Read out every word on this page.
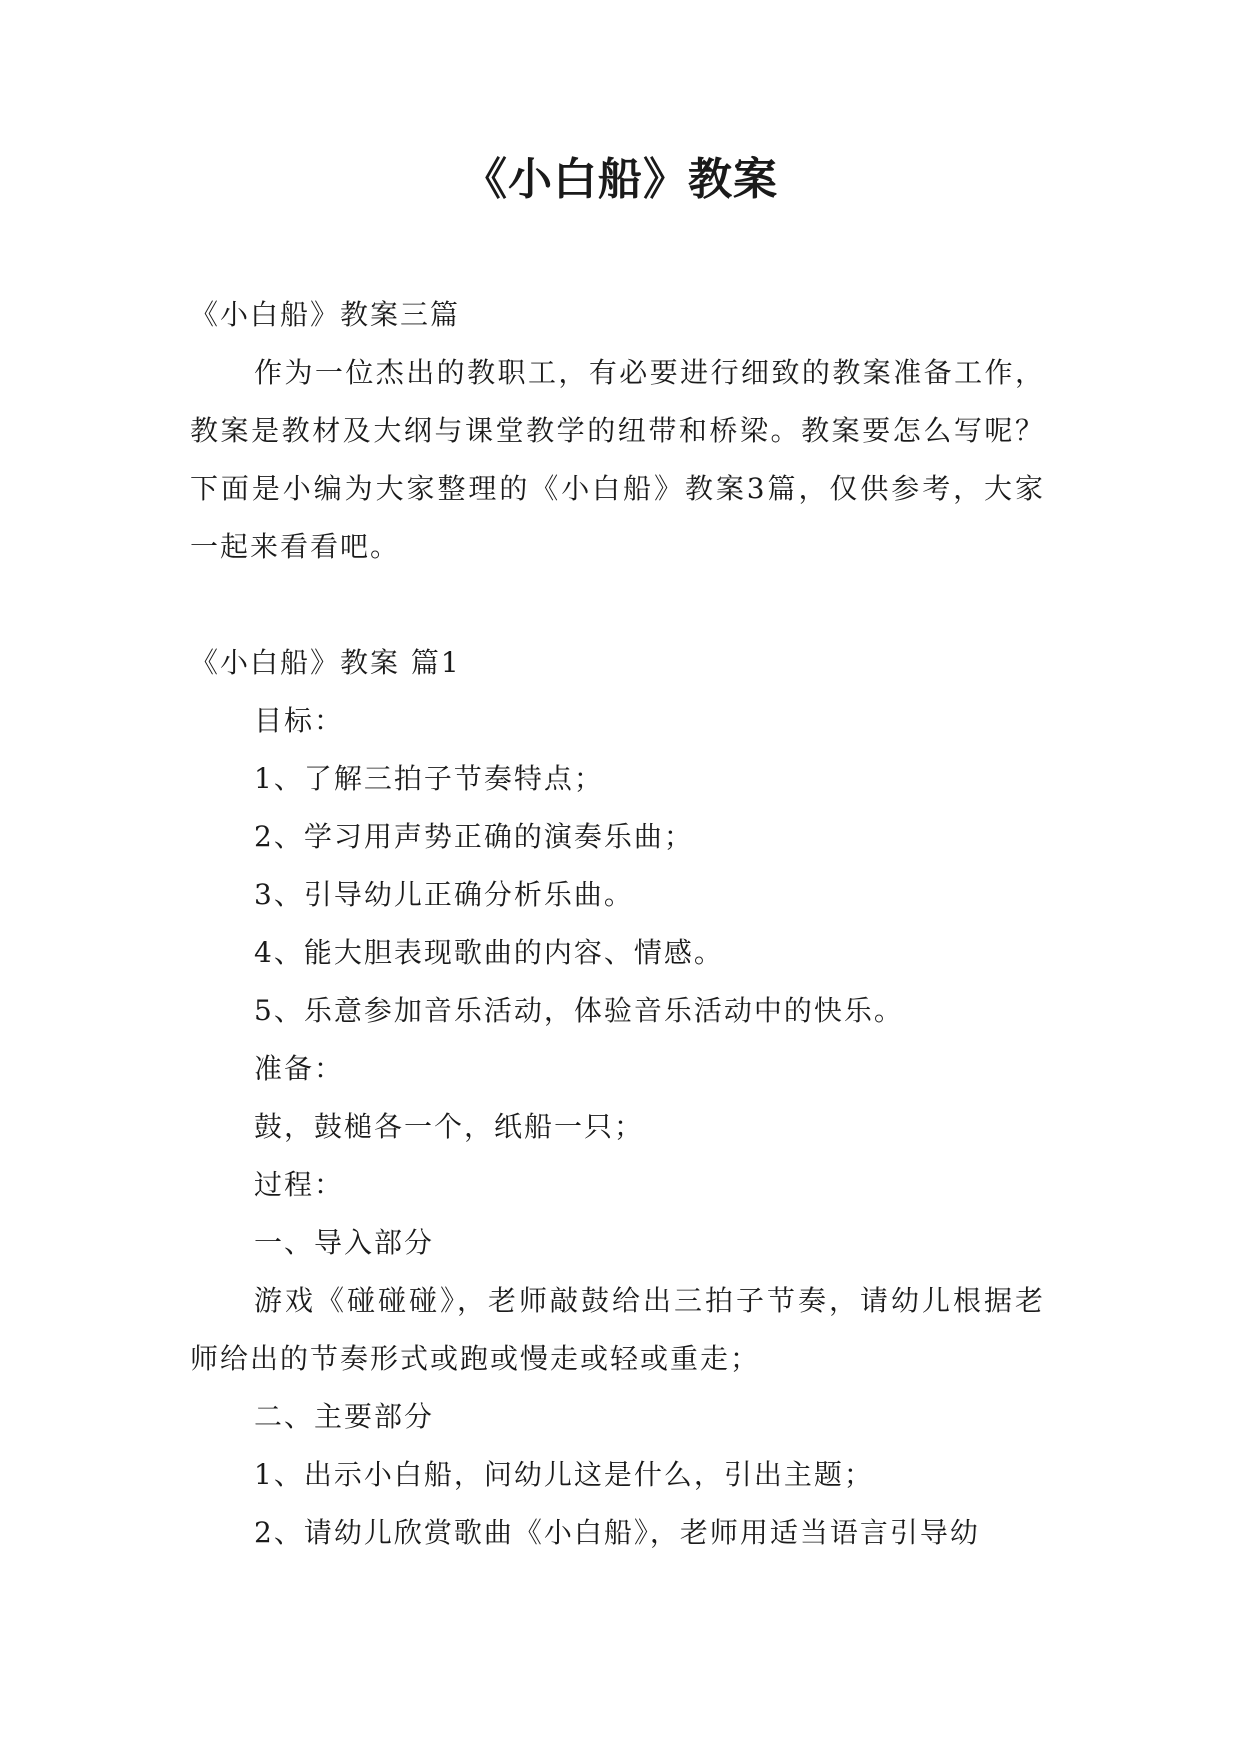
《小白船》教案

《小白船》教案三篇

作为一位杰出的教职工，有必要进行细致的教案准备工作，教案是教材及大纲与课堂教学的纽带和桥梁。教案要怎么写呢？下面是小编为大家整理的《小白船》教案3篇，仅供参考，大家一起来看看吧。

《小白船》教案 篇1

目标：

1、了解三拍子节奏特点；

2、学习用声势正确的演奏乐曲；

3、引导幼儿正确分析乐曲。

4、能大胆表现歌曲的内容、情感。

5、乐意参加音乐活动，体验音乐活动中的快乐。

准备：

鼓，鼓槌各一个，纸船一只；

过程：

一、导入部分

游戏《碰碰碰》，老师敲鼓给出三拍子节奏，请幼儿根据老师给出的节奏形式或跑或慢走或轻或重走；

二、主要部分

1、出示小白船，问幼儿这是什么，引出主题；

2、请幼儿欣赏歌曲《小白船》，老师用适当语言引导幼
